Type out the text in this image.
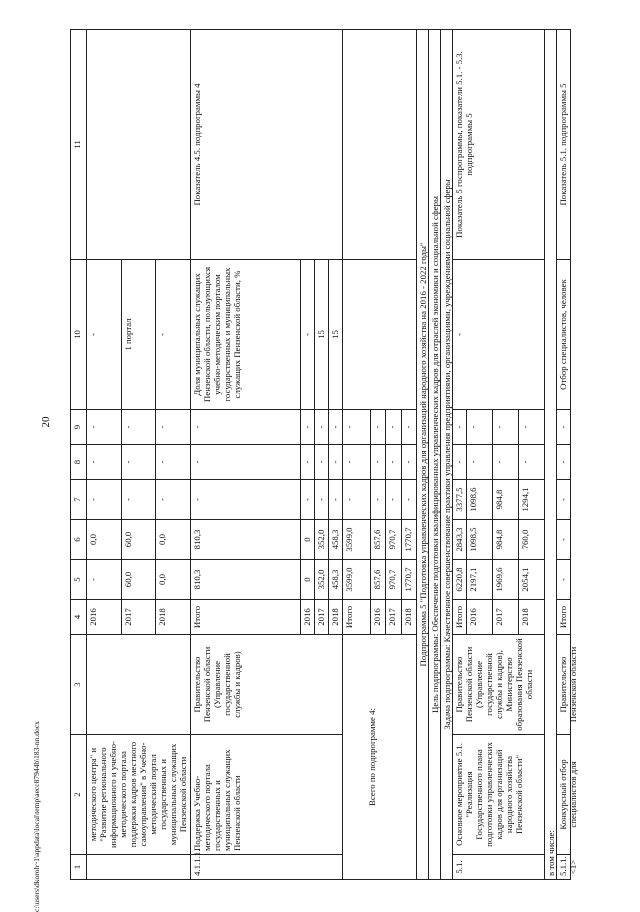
20
c:\users\dkoroh~1\appdata\local\temp\aecc87944b\183-nn.docx	1
2
3
4
5
6
7
8
9
10
11
методического центра" и "Развитие регионального информационного и учебно-методического портала поддержки кадров местного самоуправления" в Учебно-методический портал государственных и муниципальных служащих Пензенской области
4.1.1.1.
Поддержка Учебно-методического портала государственных и муниципальных служащих Пензенской области
Правительство Пензенской области (Управление государственной службы и кадров)
Итого
810,3
810,3
-
-
-
Доля муниципальных служащих Пензенской области, пользующихся учебно-методическим порталом государственных и муниципальных служащих Пензенской области, %
Показатель 4.5. подпрограммы 4
Всего по подпрограмме 4:
Подпрограмма 5 "Подготовка управленческих кадров для организаций народного хозяйства на 2016 - 2022 годы" Цель подпрограммы: Обеспечение подготовки квалифицированных управленческих кадров для отраслей экономики и социальной сферы Задача подпрограммы: Качественное совершенствование практики управления предприятиями, организациями, учреждениями социальной сферы
5.1.
Основное мероприятие 5.1. "Реализация Государственного плана подготовки управленческих кадров для организаций народного хозяйства Пензенской области"
Правительство Пензенской области (Управление государственной службы и кадров), Министерство образования Пензенской области
-
Показатель 5 госпрограммы, показатели 5.1. - 5.3. подпрограммы 5
в том числе: 5.1.1. <1>
Конкурсный отбор специалистов для
Правительство Пензенской области
Итого
-
-
-
-
-
Отбор специалистов, человек
Показатель 5.1. подпрограммы 5
2016
-
0,0
-
-
-
-
2017
60,0
60,0
-
-
-
1 портал
2018
0,0
0,0
-
-
-
-
2016
0
0
-
-
-
-
2017
352,0
352,0
-
-
-
15
2018
458,3
458,3
-
-
-
15
2016
857,6
857,6
-
-
-
2017
970,7
970,7
-
-
-
2018
1770,7
1770,7
-
-
-
2016
2197,1
1098,5
1098,6
-
-
2017
1969,6
984,8
984,8
-
-
2018
2054,1
760,0
1294,1
-
-
Итого
3599,0
3599,0
-
-
-
Итого
6220,8
2843,3
3377,5
-
-
